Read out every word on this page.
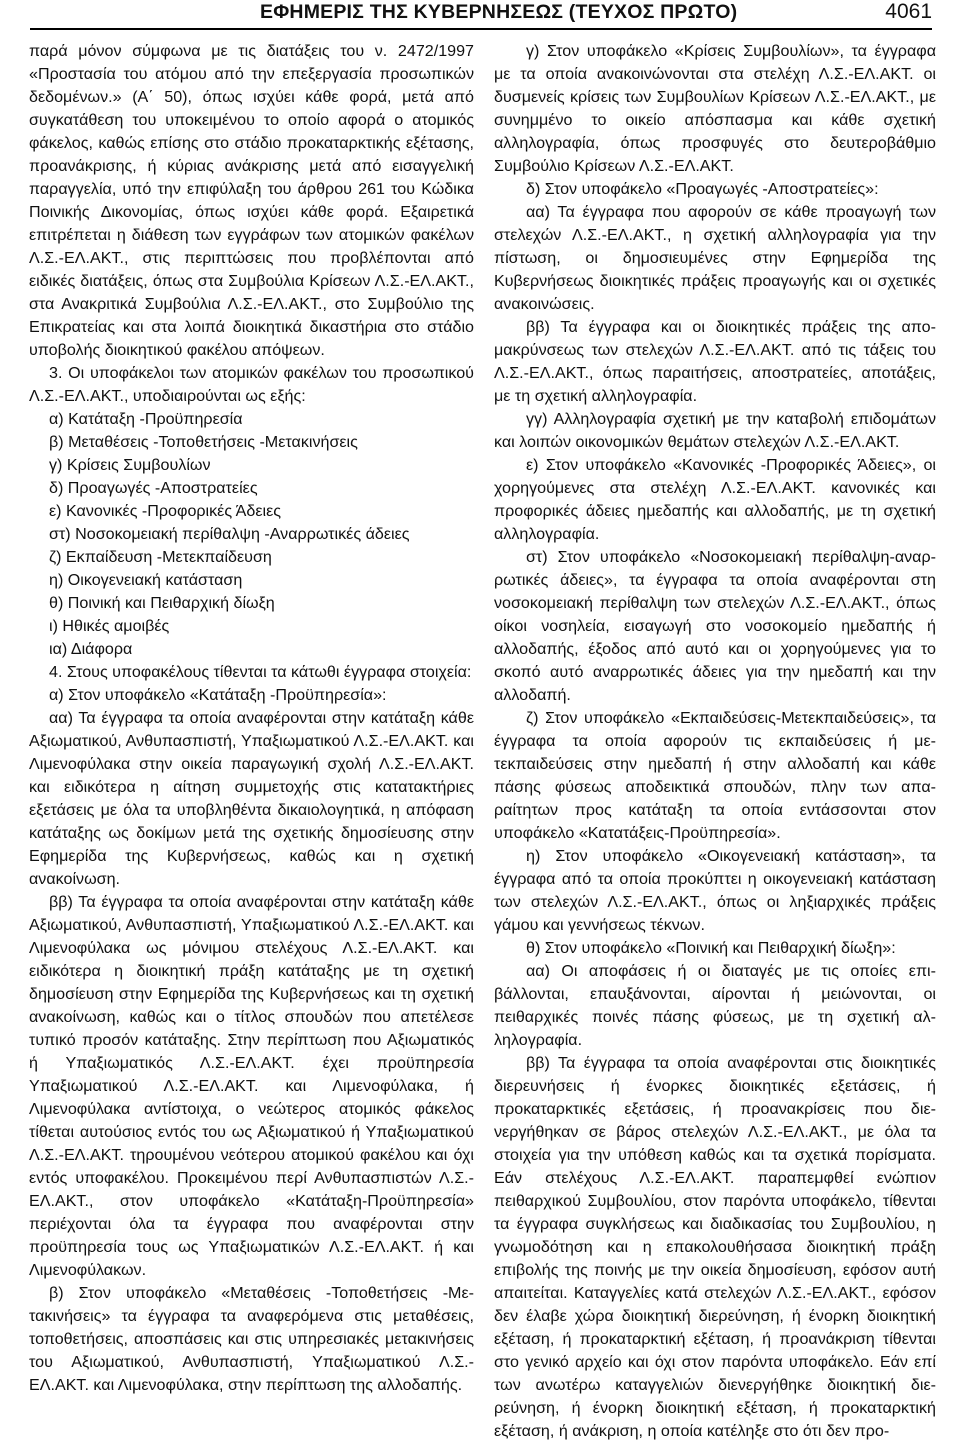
ΕΦΗΜΕΡΙΣ ΤΗΣ ΚΥΒΕΡΝΗΣΕΩΣ (ΤΕΥΧΟΣ ΠΡΩΤΟ)	4061

παρά μόνον σύμφωνα με τις διατάξεις του ν. 2472/1997 «Προστασία του ατόμου από την επεξεργασία προσωπικών δεδομένων.» (Α΄ 50), όπως ισχύει κάθε φορά, μετά από συγκατάθεση του υποκειμένου το οποίο αφορά ο ατομικός φάκελος, καθώς επίσης στο στάδιο προκαταρκτικής εξέτασης, προανάκρισης, ή κύριας ανάκρισης μετά από εισαγγελική παραγγελία, υπό την επιφύλαξη του άρθρου 261 του Κώδικα Ποινικής Δικονομίας, όπως ισχύει κάθε φορά. Εξαιρετικά επιτρέπεται η διάθεση των εγγράφων των ατομικών φακέλων Λ.Σ.-ΕΛ.ΑΚΤ., στις περιπτώσεις που προβλέπονται από ειδικές διατάξεις, όπως στα Συμβούλια Κρίσεων Λ.Σ.-ΕΛ.ΑΚΤ., στα Ανακριτικά Συμβούλια Λ.Σ.-ΕΛ.ΑΚΤ., στο Συμβούλιο της Επικρατείας και στα λοιπά διοικητικά δικαστήρια στο στάδιο υποβολής διοικητικού φακέλου απόψεων.

3. Οι υποφάκελοι των ατομικών φακέλων του προσωπικού Λ.Σ.-ΕΛ.ΑΚΤ., υποδιαιρούνται ως εξής:

α) Κατάταξη -Προϋπηρεσία

β) Μεταθέσεις -Τοποθετήσεις -Μετακινήσεις

γ) Κρίσεις Συμβουλίων

δ) Προαγωγές -Αποστρατείες

ε) Κανονικές -Προφορικές Άδειες

στ) Νοσοκομειακή περίθαλψη -Αναρρωτικές άδειες

ζ) Εκπαίδευση -Μετεκπαίδευση

η) Οικογενειακή κατάσταση

θ) Ποινική και Πειθαρχική δίωξη

ι) Ηθικές αμοιβές

ια) Διάφορα

4. Στους υποφακέλους τίθενται τα κάτωθι έγγραφα στοιχεία:

α) Στον υποφάκελο «Κατάταξη -Προϋπηρεσία»:

αα) Τα έγγραφα τα οποία αναφέρονται στην κατάταξη κάθε Αξιωματικού, Ανθυπασπιστή, Υπαξιωματικού Λ.Σ.-ΕΛ.ΑΚΤ. και Λιμενοφύλακα στην οικεία παραγωγική σχολή Λ.Σ.-ΕΛ.ΑΚΤ. και ειδικότερα η αίτηση συμμετοχής στις κατατακτήριες εξετάσεις με όλα τα υποβληθέντα δικαιολογητικά, η απόφαση κατάταξης ως δοκίμων μετά της σχετικής δημοσίευσης στην Εφημερίδα της Κυβερνήσεως, καθώς και η σχετική ανακοίνωση.

ββ) Τα έγγραφα τα οποία αναφέρονται στην κατάταξη κάθε Αξιωματικού, Ανθυπασπιστή, Υπαξιωματικού Λ.Σ.-ΕΛ.ΑΚΤ. και Λιμενοφύλακα ως μόνιμου στελέχους Λ.Σ.-ΕΛ.ΑΚΤ. και ειδικότερα η διοικητική πράξη κατάταξης με τη σχετική δημοσίευση στην Εφημερίδα της Κυβερνήσεως και τη σχετική ανακοίνωση, καθώς και ο τίτλος σπουδών που απετέλεσε τυπικό προσόν κατάταξης. Στην περίπτωση που Αξιωματικός ή Υπαξιωματικός Λ.Σ.-ΕΛ.ΑΚΤ. έχει προϋπηρεσία Υπαξιωματικού Λ.Σ.-ΕΛ.ΑΚΤ. και Λιμενοφύλακα, ή Λιμενοφύλακα αντίστοιχα, ο νεώτερος ατομικός φάκελος τίθεται αυτούσιος εντός του ως Αξιωματικού ή Υπαξιωματικού Λ.Σ.-ΕΛ.ΑΚΤ. τηρουμένου νεότερου ατομικού φακέλου και όχι εντός υποφακέλου. Προκειμένου περί Ανθυπασπιστών Λ.Σ.-ΕΛ.ΑΚΤ., στον υποφάκελο «Κατάταξη-Προϋπηρεσία» περιέχονται όλα τα έγγραφα που αναφέρονται στην προϋπηρεσία τους ως Υπαξιωματικών Λ.Σ.-ΕΛ.ΑΚΤ. ή και Λιμενοφύλακων.

β) Στον υποφάκελο «Μεταθέσεις -Τοποθετήσεις -Μετακινήσεις» τα έγγραφα τα αναφερόμενα στις μεταθέσεις, τοποθετήσεις, αποσπάσεις και στις υπηρεσιακές μετακινήσεις του Αξιωματικού, Ανθυπασπιστή, Υπαξιωματικού Λ.Σ.-ΕΛ.ΑΚΤ. και Λιμενοφύλακα, στην περίπτωση της αλλοδαπής.

γ) Στον υποφάκελο «Κρίσεις Συμβουλίων», τα έγγραφα με τα οποία ανακοινώνονται στα στελέχη Λ.Σ.-ΕΛ.ΑΚΤ. οι δυσμενείς κρίσεις των Συμβουλίων Κρίσεων Λ.Σ.-ΕΛ.ΑΚΤ., με συνημμένο το οικείο απόσπασμα και κάθε σχετική αλληλογραφία, όπως προσφυγές στο δευτεροβάθμιο Συμβούλιο Κρίσεων Λ.Σ.-ΕΛ.ΑΚΤ.

δ) Στον υποφάκελο «Προαγωγές -Αποστρατείες»:

αα) Τα έγγραφα που αφορούν σε κάθε προαγωγή των στελεχών Λ.Σ.-ΕΛ.ΑΚΤ., η σχετική αλληλογραφία για την πίστωση, οι δημοσιευμένες στην Εφημερίδα της Κυβερνήσεως διοικητικές πράξεις προαγωγής και οι σχετικές ανακοινώσεις.

ββ) Τα έγγραφα και οι διοικητικές πράξεις της απομακρύνσεως των στελεχών Λ.Σ.-ΕΛ.ΑΚΤ. από τις τάξεις του Λ.Σ.-ΕΛ.ΑΚΤ., όπως παραιτήσεις, αποστρατείες, αποτάξεις, με τη σχετική αλληλογραφία.

γγ) Αλληλογραφία σχετική με την καταβολή επιδομάτων και λοιπών οικονομικών θεμάτων στελεχών Λ.Σ.-ΕΛ.ΑΚΤ.

ε) Στον υποφάκελο «Κανονικές -Προφορικές Άδειες», οι χορηγούμενες στα στελέχη Λ.Σ.-ΕΛ.ΑΚΤ. κανονικές και προφορικές άδειες ημεδαπής και αλλοδαπής, με τη σχετική αλληλογραφία.

στ) Στον υποφάκελο «Νοσοκομειακή περίθαλψη-αναρρωτικές άδειες», τα έγγραφα τα οποία αναφέρονται στη νοσοκομειακή περίθαλψη των στελεχών Λ.Σ.-ΕΛ.ΑΚΤ., όπως οίκοι νοσηλεία, εισαγωγή στο νοσοκομείο ημεδαπής ή αλλοδαπής, έξοδος από αυτό και οι χορηγούμενες για το σκοπό αυτό αναρρωτικές άδειες για την ημεδαπή και την αλλοδαπή.

ζ) Στον υποφάκελο «Εκπαιδεύσεις-Μετεκπαιδεύσεις», τα έγγραφα τα οποία αφορούν τις εκπαιδεύσεις ή μετεκπαιδεύσεις στην ημεδαπή ή στην αλλοδαπή και κάθε πάσης φύσεως αποδεικτικά σπουδών, πλην των απαραίτητων προς κατάταξη τα οποία εντάσσονται στον υποφάκελο «Κατατάξεις-Προϋπηρεσία».

η) Στον υποφάκελο «Οικογενειακή κατάσταση», τα έγγραφα από τα οποία προκύπτει η οικογενειακή κατάσταση των στελεχών Λ.Σ.-ΕΛ.ΑΚΤ., όπως οι ληξιαρχικές πράξεις γάμου και γεννήσεως τέκνων.

θ) Στον υποφάκελο «Ποινική και Πειθαρχική δίωξη»:

αα) Οι αποφάσεις ή οι διαταγές με τις οποίες επιβάλλονται, επαυξάνονται, αίρονται ή μειώνονται, οι πειθαρχικές ποινές πάσης φύσεως, με τη σχετική αλληλογραφία.

ββ) Τα έγγραφα τα οποία αναφέρονται στις διοικητικές διερευνήσεις ή ένορκες διοικητικές εξετάσεις, ή προκαταρκτικές εξετάσεις, ή προανακρίσεις που διενεργήθηκαν σε βάρος στελεχών Λ.Σ.-ΕΛ.ΑΚΤ., με όλα τα στοιχεία για την υπόθεση καθώς και τα σχετικά πορίσματα. Εάν στελέχους Λ.Σ.-ΕΛ.ΑΚΤ. παραπεμφθεί ενώπιον πειθαρχικού Συμβουλίου, στον παρόντα υποφάκελο, τίθενται τα έγγραφα συγκλήσεως και διαδικασίας του Συμβουλίου, η γνωμοδότηση και η επακολουθήσασα διοικητική πράξη επιβολής της ποινής με την οικεία δημοσίευση, εφόσον αυτή απαιτείται. Καταγγελίες κατά στελεχών Λ.Σ.-ΕΛ.ΑΚΤ., εφόσον δεν έλαβε χώρα διοικητική διερεύνηση, ή ένορκη διοικητική εξέταση, ή προκαταρκτική εξέταση, ή προανάκριση τίθενται στο γενικό αρχείο και όχι στον παρόντα υποφάκελο. Εάν επί των ανωτέρω καταγγελιών διενεργήθηκε διοικητική διερεύνηση, ή ένορκη διοικητική εξέταση, ή προκαταρκτική εξέταση, ή ανάκριση, η οποία κατέληξε στο ότι δεν προ-
